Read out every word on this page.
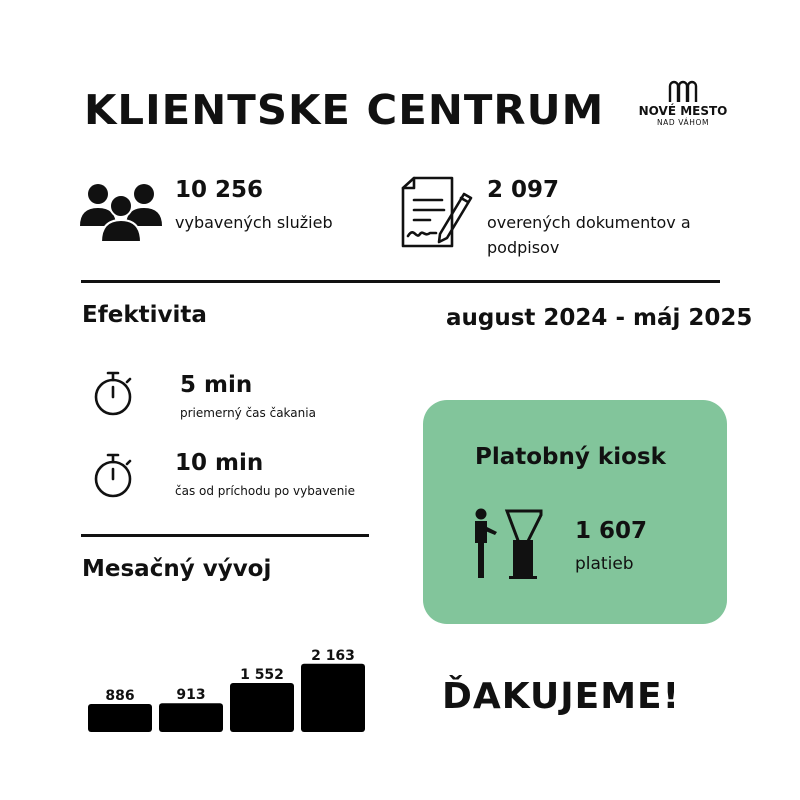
KLIENTSKE CENTRUM	NOVÉ MESTO
NAD VÁHOM
10 256
vybavených služieb
2 097
overených dokumentov a
podpisov
Efektivita	august 2024 - máj 2025
5 min
priemerný čas čakania
10 min
čas od príchodu po vybavenie
Mesačný vývoj
886	913
1 552
2 163
Platobný kiosk
1 607
platieb
ĎAKUJEME!
